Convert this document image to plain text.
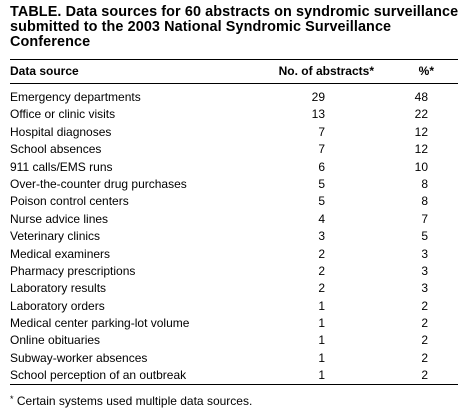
TABLE. Data sources for 60 abstracts on syndromic surveillance submitted to the 2003 National Syndromic Surveillance Conference
Data source	No. of abstracts*	%*
Emergency departments	29	48
Office or clinic visits	13	22
Hospital diagnoses	7	12
School absences	7	12
911 calls/EMS runs	6	10
Over-the-counter drug purchases	5	8
Poison control centers	5	8
Nurse advice lines	4	7
Veterinary clinics	3	5
Medical examiners	2	3
Pharmacy prescriptions	2	3
Laboratory results	2	3
Laboratory orders	1	2
Medical center parking-lot volume	1	2
Online obituaries	1	2
Subway-worker absences	1	2
School perception of an outbreak	1	2
* Certain systems used multiple data sources.
